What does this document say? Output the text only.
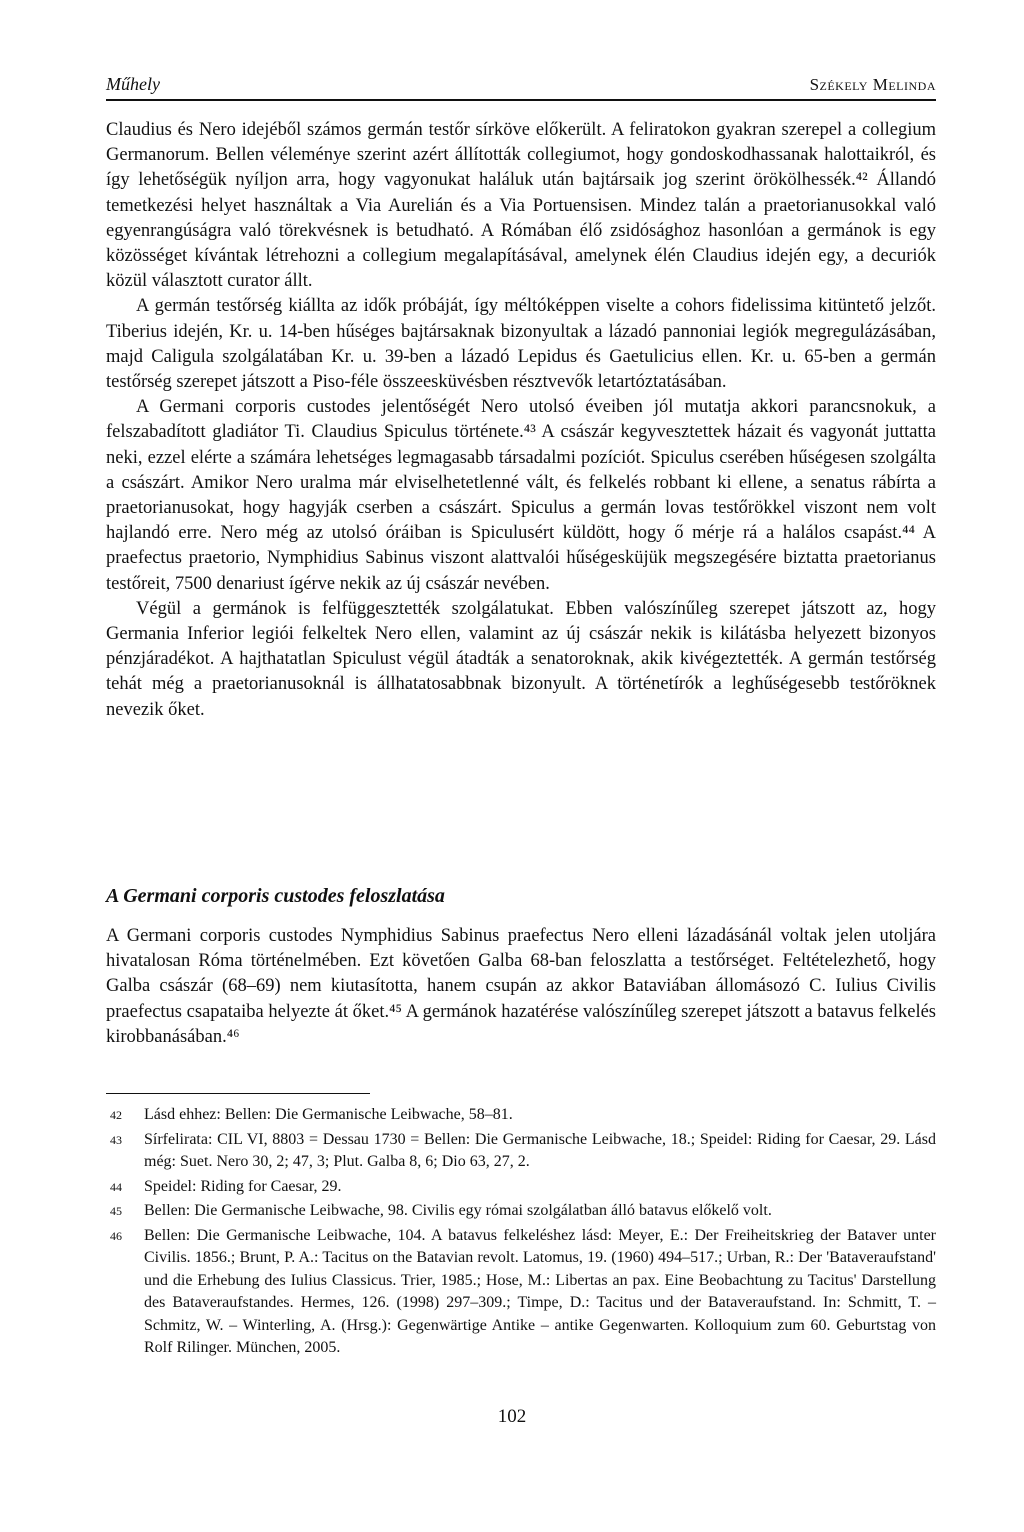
Műhely	Székely Melinda

Claudius és Nero idejéből számos germán testőr sírköve előkerült. A feliratokon gyakran szerepel a collegium Germanorum. Bellen véleménye szerint azért állították collegiumot, hogy gondoskodhassanak halottaikról, és így lehetőségük nyíljon arra, hogy vagyonukat haláluk után bajtársaik jog szerint örökölhessék.⁴² Állandó temetkezési helyet használtak a Via Aurelián és a Via Portuensisen. Mindez talán a praetorianusokkal való egyenrangúságra való törekvésnek is betudható. A Rómában élő zsidósághoz hasonlóan a germánok is egy közösséget kívántak létrehozni a collegium megalapításával, amelynek élén Claudius idején egy, a decuriók közül választott curator állt.

A germán testőrség kiállta az idők próbáját, így méltóképpen viselte a cohors fidelissima kitüntető jelzőt. Tiberius idején, Kr. u. 14-ben hűséges bajtársaknak bizonyultak a lázadó pannoniai legiók megregulázásában, majd Caligula szolgálatában Kr. u. 39-ben a lázadó Lepidus és Gaetulicius ellen. Kr. u. 65-ben a germán testőrség szerepet játszott a Piso-féle összeesküvésben résztvevők letartóztatásában.

A Germani corporis custodes jelentőségét Nero utolsó éveiben jól mutatja akkori parancsnokuk, a felszabadított gladiátor Ti. Claudius Spiculus története.⁴³ A császár kegyvesztettek házait és vagyonát juttatta neki, ezzel elérte a számára lehetséges legmagasabb társadalmi pozíciót. Spiculus cserében hűségesen szolgálta a császárt. Amikor Nero uralma már elviselhetetlenné vált, és felkelés robbant ki ellene, a senatus rábírta a praetorianusokat, hogy hagyják cserben a császárt. Spiculus a germán lovas testőrökkel viszont nem volt hajlandó erre. Nero még az utolsó óráiban is Spiculusért küldött, hogy ő mérje rá a halálos csapást.⁴⁴ A praefectus praetorio, Nymphidius Sabinus viszont alattvalói hűségesküjük megszegésére biztatta praetorianus testőreit, 7500 denariust ígérve nekik az új császár nevében.

Végül a germánok is felfüggesztették szolgálatukat. Ebben valószínűleg szerepet játszott az, hogy Germania Inferior legiói felkeltek Nero ellen, valamint az új császár nekik is kilátásba helyezett bizonyos pénzjáradékot. A hajthatatlan Spiculust végül átadták a senatoroknak, akik kivégeztették. A germán testőrség tehát még a praetorianusoknál is állhatatosabbnak bizonyult. A történetírók a leghűségesebb testőröknek nevezik őket.

A Germani corporis custodes feloszlatása

A Germani corporis custodes Nymphidius Sabinus praefectus Nero elleni lázadásánál voltak jelen utoljára hivatalosan Róma történelmében. Ezt követően Galba 68-ban feloszlatta a testőrséget. Feltételezhető, hogy Galba császár (68–69) nem kiutasította, hanem csupán az akkor Bataviában állomásozó C. Iulius Civilis praefectus csapataiba helyezte át őket.⁴⁵ A germánok hazatérése valószínűleg szerepet játszott a batavus felkelés kirobbanásában.⁴⁶

42	Lásd ehhez: Bellen: Die Germanische Leibwache, 58–81.
43	Sírfelirata: CIL VI, 8803 = Dessau 1730 = Bellen: Die Germanische Leibwache, 18.; Speidel: Riding for Caesar, 29. Lásd még: Suet. Nero 30, 2; 47, 3; Plut. Galba 8, 6; Dio 63, 27, 2.
44	Speidel: Riding for Caesar, 29.
45	Bellen: Die Germanische Leibwache, 98. Civilis egy római szolgálatban álló batavus előkelő volt.
46	Bellen: Die Germanische Leibwache, 104. A batavus felkeléshez lásd: Meyer, E.: Der Freiheitskrieg der Bataver unter Civilis. 1856.; Brunt, P. A.: Tacitus on the Batavian revolt. Latomus, 19. (1960) 494–517.; Urban, R.: Der 'Bataveraufstand' und die Erhebung des Iulius Classicus. Trier, 1985.; Hose, M.: Libertas an pax. Eine Beobachtung zu Tacitus' Darstellung des Bataveraufstandes. Hermes, 126. (1998) 297–309.; Timpe, D.: Tacitus und der Bataveraufstand. In: Schmitt, T. – Schmitz, W. – Winterling, A. (Hrsg.): Gegenwärtige Antike – antike Gegenwarten. Kolloquium zum 60. Geburtstag von Rolf Rilinger. München, 2005.
102
